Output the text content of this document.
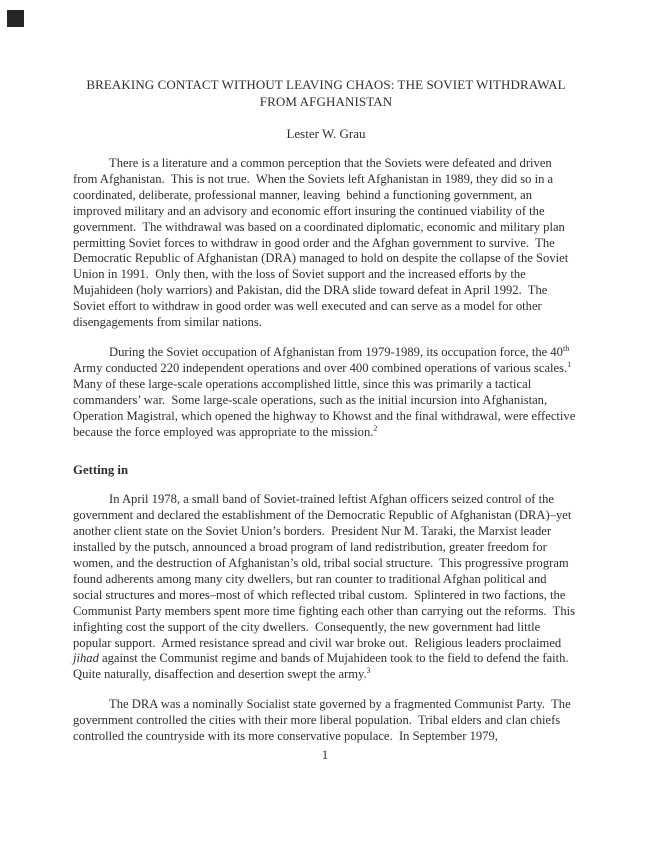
BREAKING CONTACT WITHOUT LEAVING CHAOS: THE SOVIET WITHDRAWAL
FROM AFGHANISTAN
Lester W. Grau

There is a literature and a common perception that the Soviets were defeated and driven from Afghanistan.  This is not true.  When the Soviets left Afghanistan in 1989, they did so in a coordinated, deliberate, professional manner, leaving  behind a functioning government, an improved military and an advisory and economic effort insuring the continued viability of the government.  The withdrawal was based on a coordinated diplomatic, economic and military plan permitting Soviet forces to withdraw in good order and the Afghan government to survive.  The Democratic Republic of Afghanistan (DRA) managed to hold on despite the collapse of the Soviet Union in 1991.  Only then, with the loss of Soviet support and the increased efforts by the Mujahideen (holy warriors) and Pakistan, did the DRA slide toward defeat in April 1992.  The Soviet effort to withdraw in good order was well executed and can serve as a model for other disengagements from similar nations.

During the Soviet occupation of Afghanistan from 1979-1989, its occupation force, the 40th Army conducted 220 independent operations and over 400 combined operations of various scales.$^1$  Many of these large-scale operations accomplished little, since this was primarily a tactical commanders’ war.  Some large-scale operations, such as the initial incursion into Afghanistan, Operation Magistral, which opened the highway to Khowst and the final withdrawal, were effective because the force employed was appropriate to the mission.$^2$

Getting in

In April 1978, a small band of Soviet-trained leftist Afghan officers seized control of the government and declared the establishment of the Democratic Republic of Afghanistan (DRA)–yet another client state on the Soviet Union’s borders.  President Nur M. Taraki, the Marxist leader installed by the putsch, announced a broad program of land redistribution, greater freedom for women, and the destruction of Afghanistan’s old, tribal social structure.  This progressive program found adherents among many city dwellers, but ran counter to traditional Afghan political and social structures and mores–most of which reflected tribal custom.  Splintered in two factions, the Communist Party members spent more time fighting each other than carrying out the reforms.  This infighting cost the support of the city dwellers.  Consequently, the new government had little popular support.  Armed resistance spread and civil war broke out.  Religious leaders proclaimed jihad against the Communist regime and bands of Mujahideen took to the field to defend the faith.  Quite naturally, disaffection and desertion swept the army.$^3$

The DRA was a nominally Socialist state governed by a fragmented Communist Party.  The government controlled the cities with their more liberal population.  Tribal elders and clan chiefs controlled the countryside with its more conservative populace.  In September 1979,

1
